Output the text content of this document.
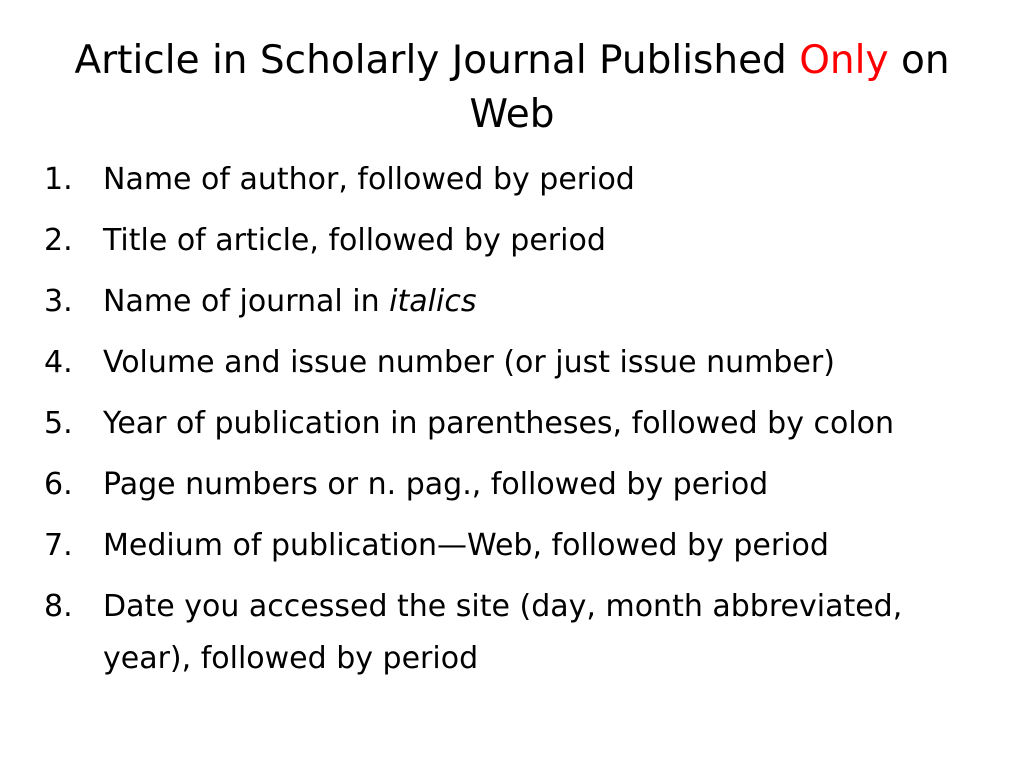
Article in Scholarly Journal Published Only on Web
1.	Name of author, followed by period
2.	Title of article, followed by period
3.	Name of journal in italics
4.	Volume and issue number (or just issue number)
5.	Year of publication in parentheses, followed by colon
6.	Page numbers or n. pag., followed by period
7.	Medium of publication—Web, followed by period
8.	Date you accessed the site (day, month abbreviated, year), followed by period
